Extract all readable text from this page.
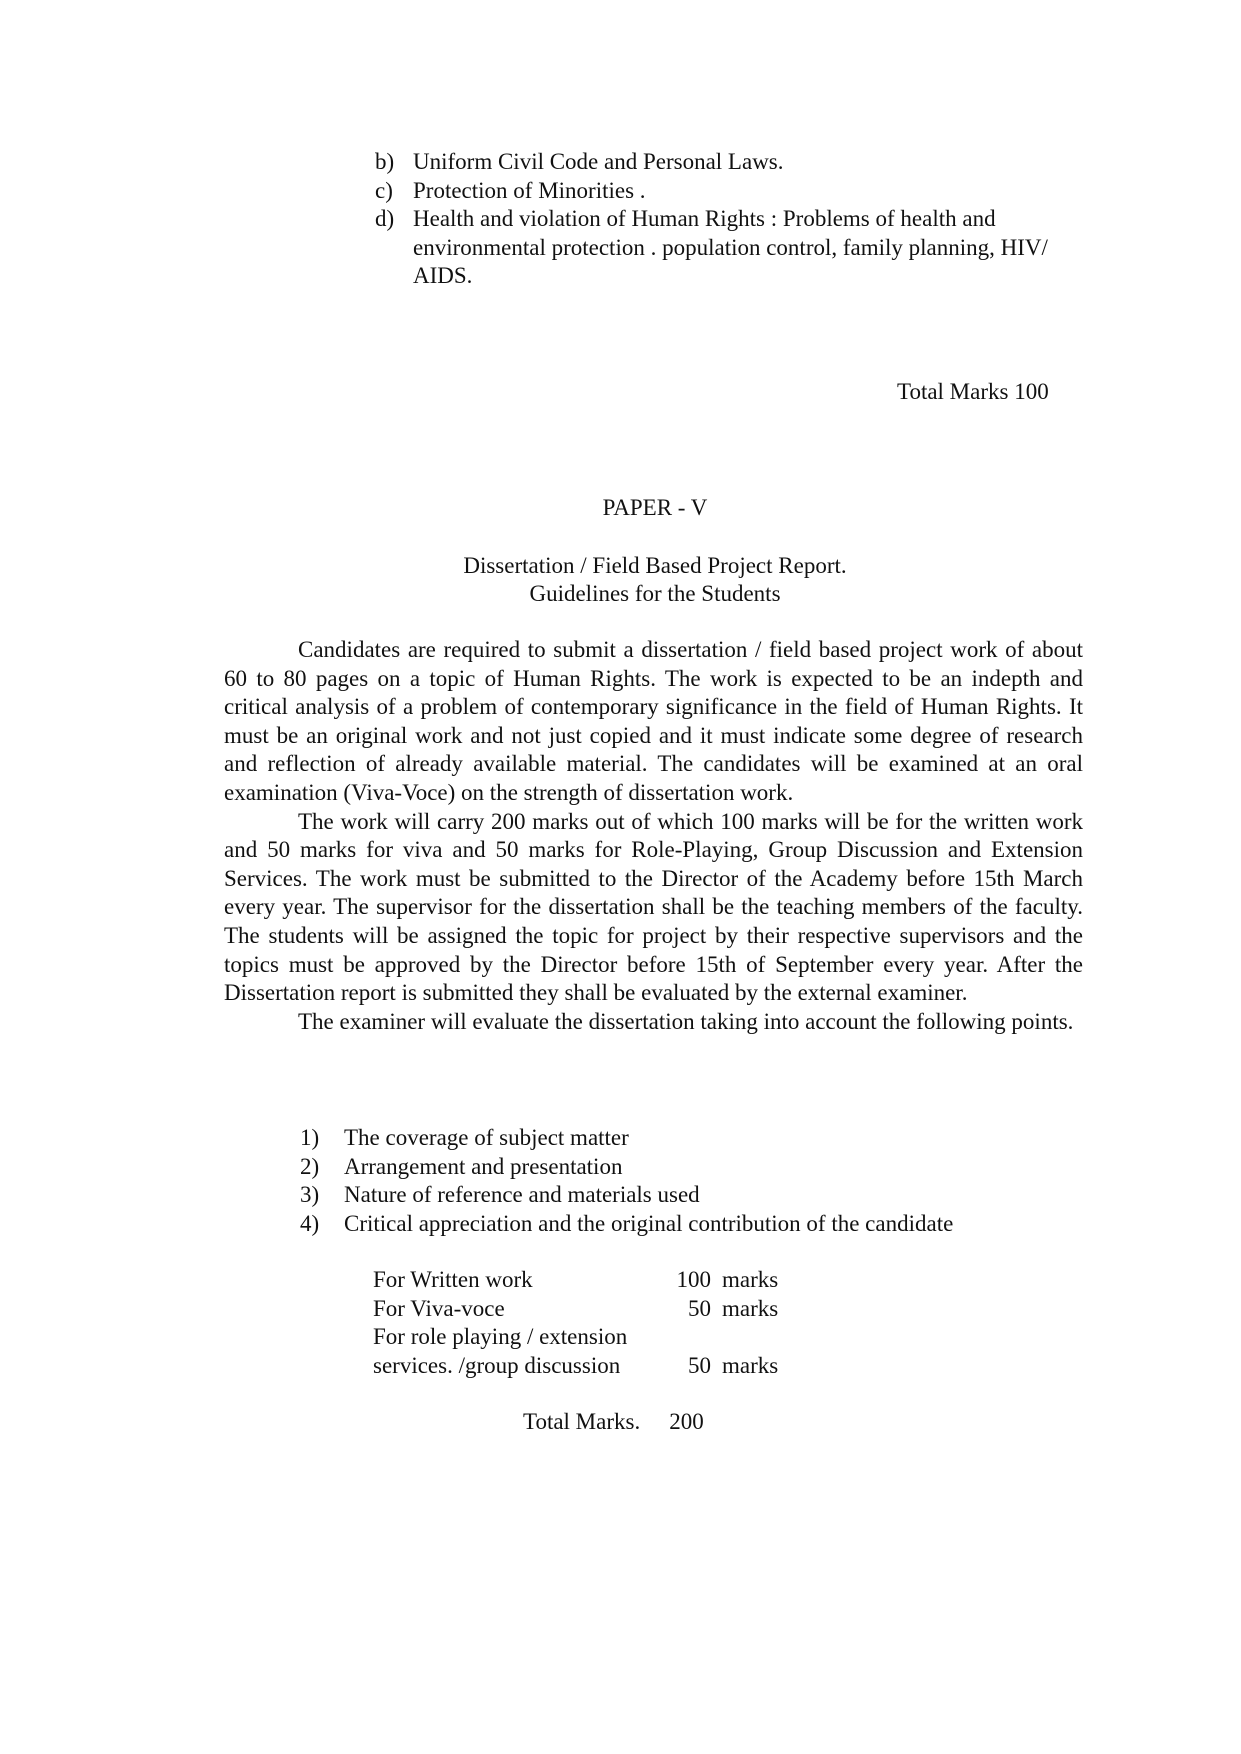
b) Uniform Civil Code and Personal Laws.
c) Protection of Minorities .
d) Health and violation of Human Rights : Problems of health and environmental protection . population control, family planning, HIV/ AIDS.
Total Marks 100
PAPER - V
Dissertation / Field Based Project Report.
Guidelines for the Students

Candidates are required to submit a dissertation / field based project work of about 60 to 80 pages on a topic of Human Rights. The work is expected to be an indepth and critical analysis of a problem of contemporary significance in the field of Human Rights. It must be an original work and not just copied and it must indicate some degree of research and reflection of already available material. The candidates will be examined at an oral examination (Viva-Voce) on the strength of dissertation work.

The work will carry 200 marks out of which 100 marks will be for the written work and 50 marks for viva and 50 marks for Role-Playing, Group Discussion and Extension Services. The work must be submitted to the Director of the Academy before 15th March every year. The supervisor for the dissertation shall be the teaching members of the faculty. The students will be assigned the topic for project by their respective supervisors and the topics must be approved by the Director before 15th of September every year. After the Dissertation report is submitted they shall be evaluated by the external examiner.

The examiner will evaluate the dissertation taking into account the following points.

1) The coverage of subject matter
2) Arrangement and presentation
3) Nature of reference and materials used
4) Critical appreciation and the original contribution of the candidate
For Written work	100	marks
For Viva-voce	50	marks
For role playing / extension		
services. /group discussion	50	marks
Total Marks. 200
